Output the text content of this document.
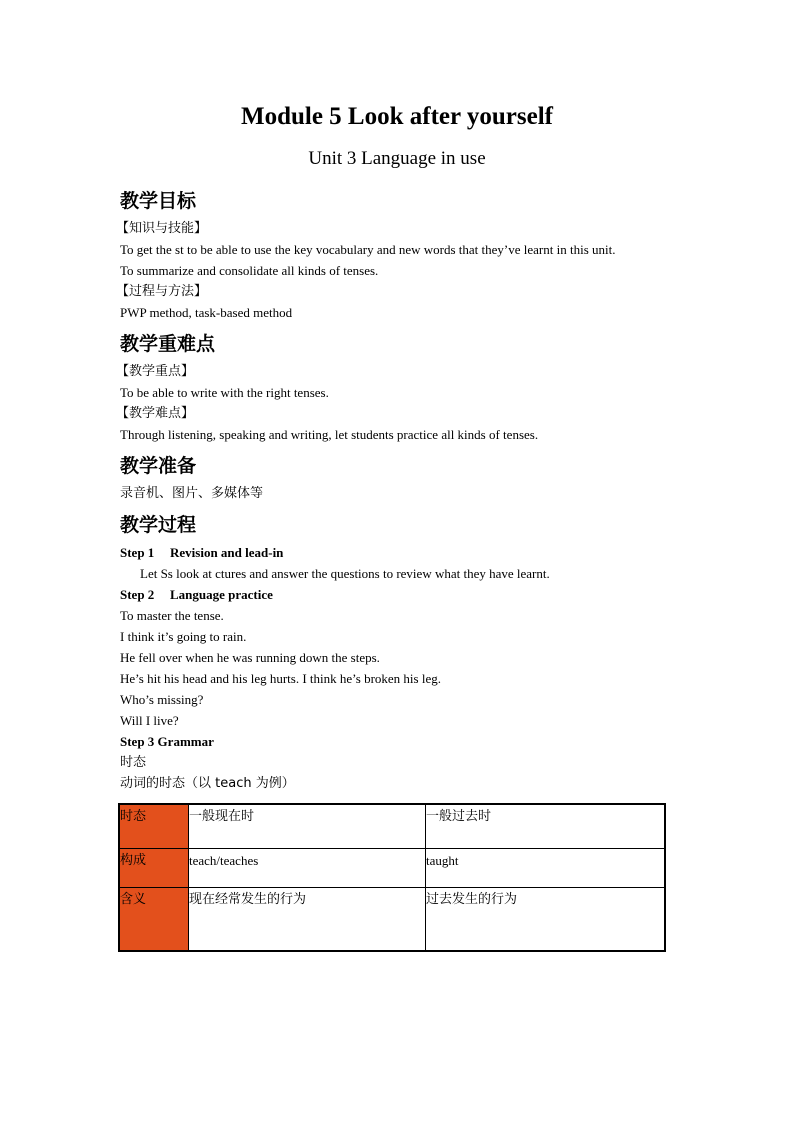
Module 5 Look after yourself
Unit 3 Language in use
教学目标
【知识与技能】
To get the st to be able to use the key vocabulary and new words that they’ve learnt in this unit.
To summarize and consolidate all kinds of tenses.
【过程与方法】
PWP method, task-based method
教学重难点
【教学重点】
To be able to write with the right tenses.
【教学难点】
Through listening, speaking and writing, let students practice all kinds of tenses.
教学准备
录音机、图片、多媒体等
教学过程
Step 1 Revision and lead-in
Let Ss look at ctures and answer the questions to review what they have learnt.
Step 2 Language practice
To master the tense.
I think it’s going to rain.
He fell over when he was running down the steps.
He’s hit his head and his leg hurts. I think he’s broken his leg.
Who’s missing?
Will I live?
Step 3 Grammar
时态
动词的时态（以 teach 为例）
时态	一般现在时	一般过去时
构成	teach/teaches	taught
含义	现在经常发生的行为	过去发生的行为
